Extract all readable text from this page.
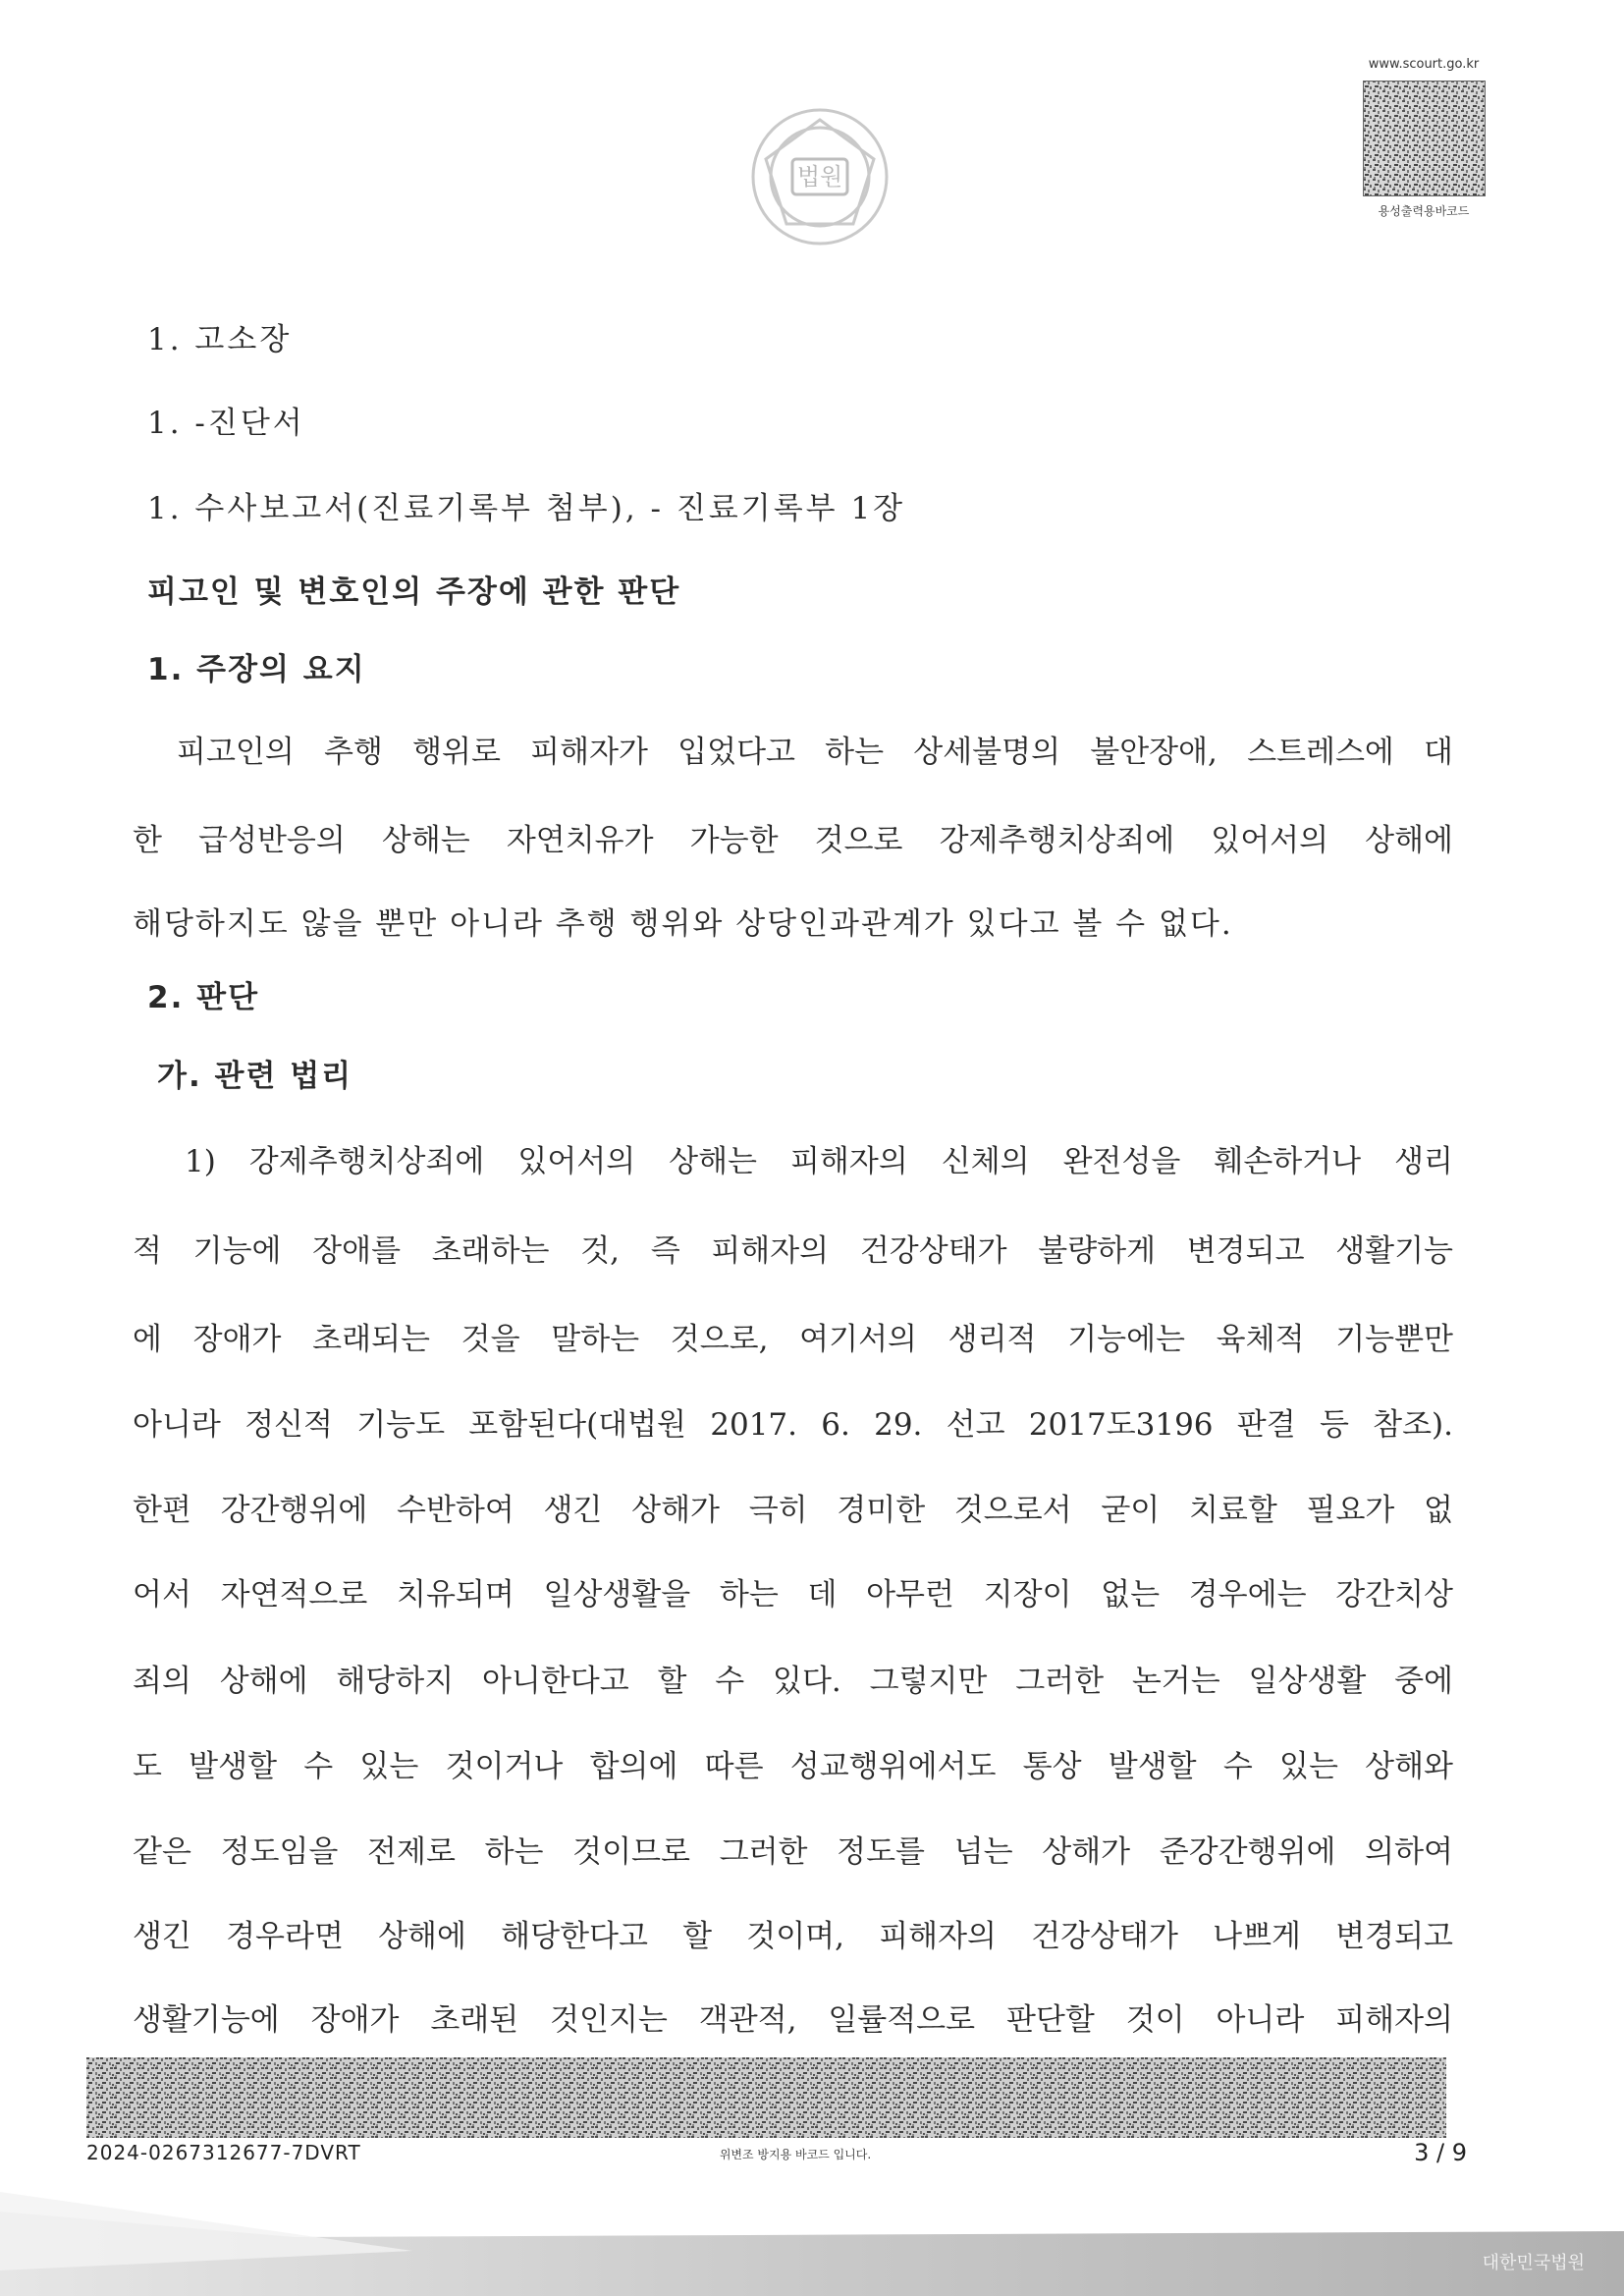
법원
www.scourt.go.kr
용성출력용바코드
1. 고소장
1. -진단서
1. 수사보고서(진료기록부 첨부), - 진료기록부 1장
피고인 및 변호인의 주장에 관한 판단
1. 주장의 요지
피고인의 추행 행위로 피해자가 입었다고 하는 상세불명의 불안장애, 스트레스에 대
한 급성반응의 상해는 자연치유가 가능한 것으로 강제추행치상죄에 있어서의 상해에
해당하지도 않을 뿐만 아니라 추행 행위와 상당인과관계가 있다고 볼 수 없다.
2. 판단
가. 관련 법리
1) 강제추행치상죄에 있어서의 상해는 피해자의 신체의 완전성을 훼손하거나 생리
적 기능에 장애를 초래하는 것, 즉 피해자의 건강상태가 불량하게 변경되고 생활기능
에 장애가 초래되는 것을 말하는 것으로, 여기서의 생리적 기능에는 육체적 기능뿐만
아니라 정신적 기능도 포함된다(대법원 2017. 6. 29. 선고 2017도3196 판결 등 참조).
한편 강간행위에 수반하여 생긴 상해가 극히 경미한 것으로서 굳이 치료할 필요가 없
어서 자연적으로 치유되며 일상생활을 하는 데 아무런 지장이 없는 경우에는 강간치상
죄의 상해에 해당하지 아니한다고 할 수 있다. 그렇지만 그러한 논거는 일상생활 중에
도 발생할 수 있는 것이거나 합의에 따른 성교행위에서도 통상 발생할 수 있는 상해와
같은 정도임을 전제로 하는 것이므로 그러한 정도를 넘는 상해가 준강간행위에 의하여
생긴 경우라면 상해에 해당한다고 할 것이며, 피해자의 건강상태가 나쁘게 변경되고
생활기능에 장애가 초래된 것인지는 객관적, 일률적으로 판단할 것이 아니라 피해자의
2024-0267312677-7DVRT	위변조 방지용 바코드 입니다.	3 / 9
대한민국법원
